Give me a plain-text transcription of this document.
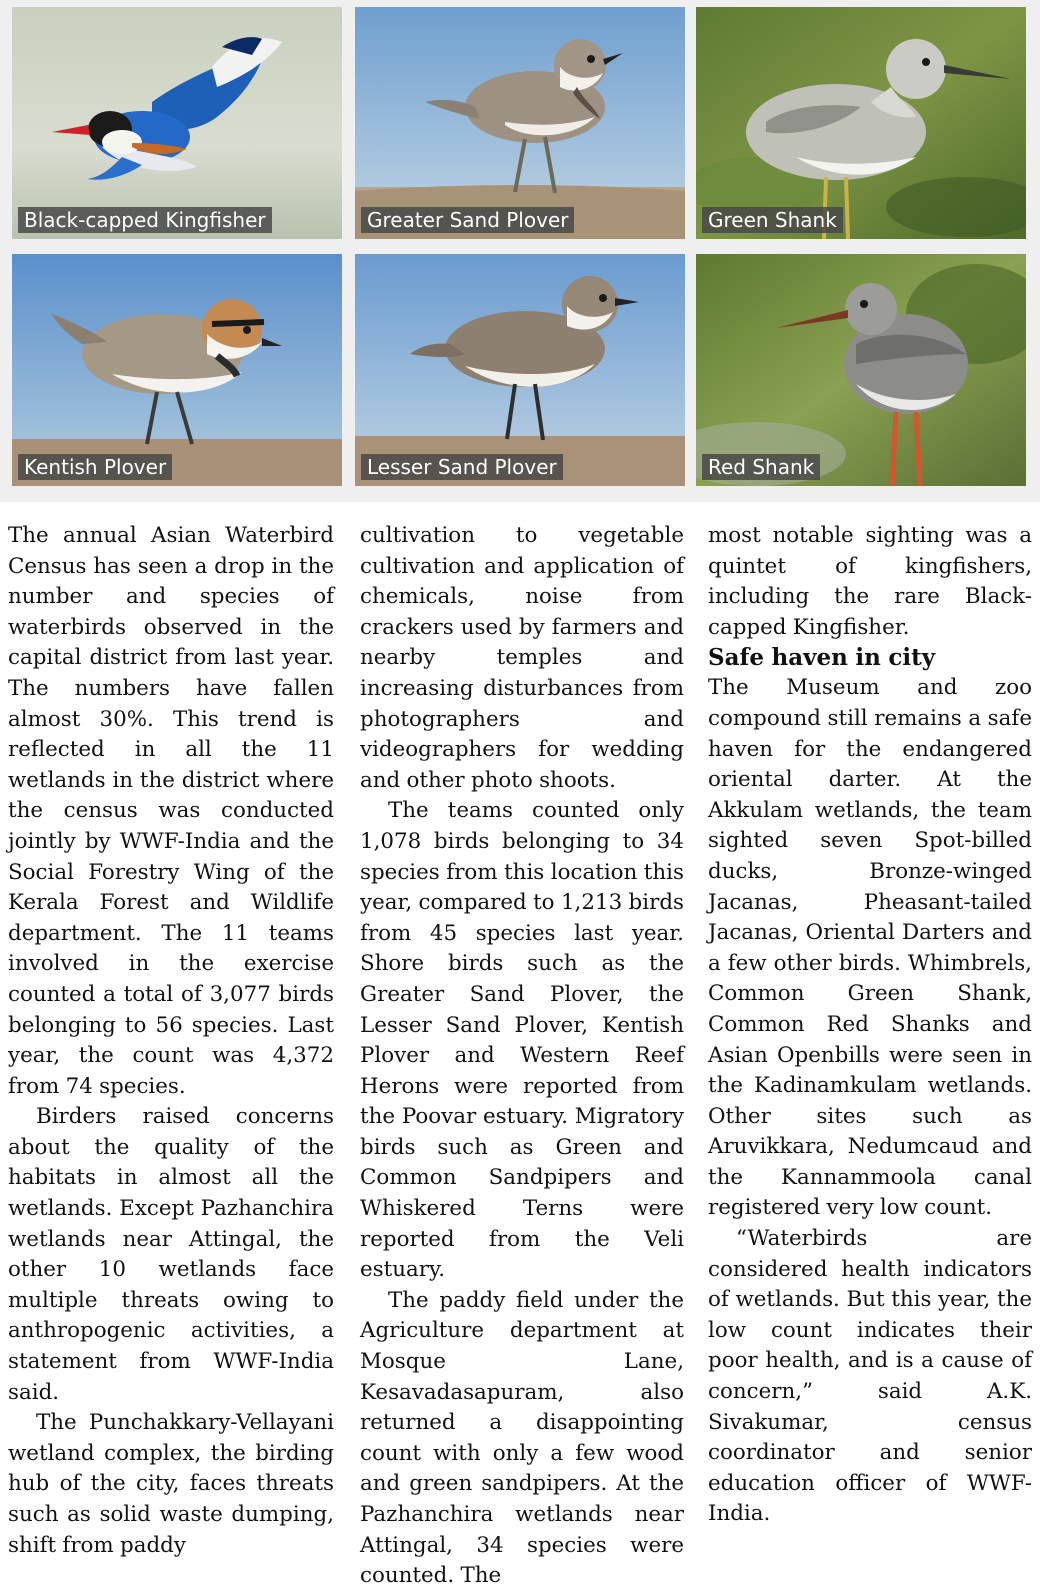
Black-capped Kingfisher	Greater Sand Plover	Green Shank
Kentish Plover	Lesser Sand Plover	Red Shank

The annual Asian Waterbird Census has seen a drop in the number and species of waterbirds observed in the capital district from last year. The numbers have fallen almost 30%. This trend is reflected in all the 11 wetlands in the district where the census was conducted jointly by WWF-India and the Social Forestry Wing of the Kerala Forest and Wildlife department. The 11 teams involved in the exercise counted a total of 3,077 birds belonging to 56 species. Last year, the count was 4,372 from 74 species.

Birders raised concerns about the quality of the habitats in almost all the wetlands. Except Pazhanchira wetlands near Attingal, the other 10 wetlands face multiple threats owing to anthropogenic activities, a statement from WWF-India said.

The Punchakkary-Vellayani wetland complex, the birding hub of the city, faces threats such as solid waste dumping, shift from paddy

cultivation to vegetable cultivation and application of chemicals, noise from crackers used by farmers and nearby temples and increasing disturbances from photographers and videographers for wedding and other photo shoots.

The teams counted only 1,078 birds belonging to 34 species from this location this year, compared to 1,213 birds from 45 species last year. Shore birds such as the Greater Sand Plover, the Lesser Sand Plover, Kentish Plover and Western Reef Herons were reported from the Poovar estuary. Migratory birds such as Green and Common Sandpipers and Whiskered Terns were reported from the Veli estuary.

The paddy field under the Agriculture department at Mosque Lane, Kesavadasapuram, also returned a disappointing count with only a few wood and green sandpipers. At the Pazhanchira wetlands near Attingal, 34 species were counted. The

most notable sighting was a quintet of kingfishers, including the rare Black-capped Kingfisher.

Safe haven in city

The Museum and zoo compound still remains a safe haven for the endangered oriental darter. At the Akkulam wetlands, the team sighted seven Spot-billed ducks, Bronze-winged Jacanas, Pheasant-tailed Jacanas, Oriental Darters and a few other birds. Whimbrels, Common Green Shank, Common Red Shanks and Asian Openbills were seen in the Kadinamkulam wetlands. Other sites such as Aruvikkara, Nedumcaud and the Kannammoola canal registered very low count.

“Waterbirds are considered health indicators of wetlands. But this year, the low count indicates their poor health, and is a cause of concern,” said A.K. Sivakumar, census coordinator and senior education officer of WWF-India.
